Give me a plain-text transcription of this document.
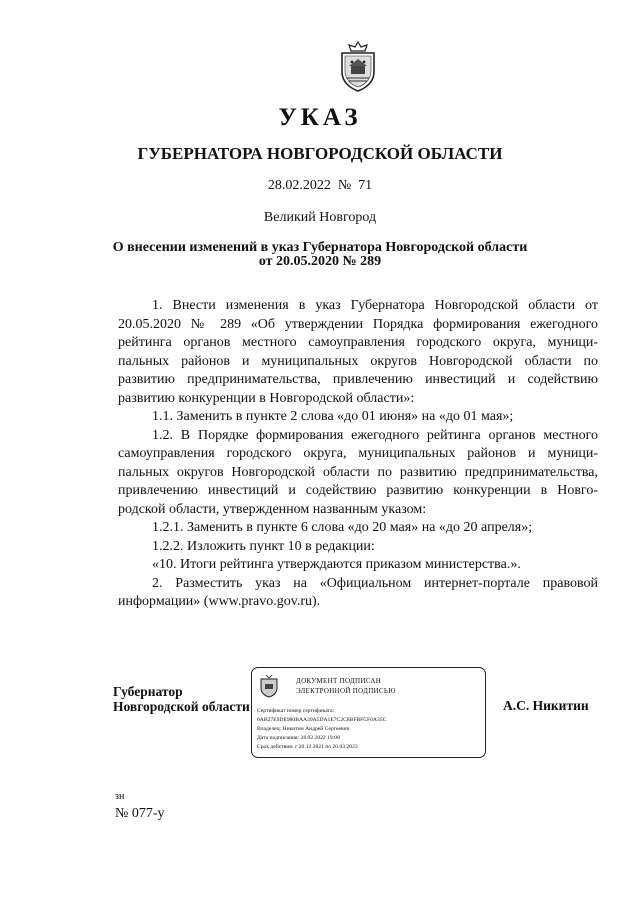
УКАЗ
ГУБЕРНАТОРА НОВГОРОДСКОЙ ОБЛАСТИ
28.02.2022 № 71
Великий Новгород
О внесении изменений в указ Губернатора Новгородской области
от 20.05.2020 № 289

1. Внести изменения в указ Губернатора Новгородской области от 20.05.2020 № 289 «Об утверждении Порядка формирования ежегодного рейтинга органов местного самоуправления городского округа, муници-пальных районов и муниципальных округов Новгородской области по развитию предпринимательства, привлечению инвестиций и содействию развитию конкуренции в Новгородской области»:

1.1. Заменить в пункте 2 слова «до 01 июня» на «до 01 мая»;

1.2. В Порядке формирования ежегодного рейтинга органов местного самоуправления городского округа, муниципальных районов и муници-пальных округов Новгородской области по развитию предпринимательства, привлечению инвестиций и содействию развитию конкуренции в Новго-родской области, утвержденном названным указом:

1.2.1. Заменить в пункте 6 слова «до 20 мая» на «до 20 апреля»;

1.2.2. Изложить пункт 10 в редакции:

«10. Итоги рейтинга утверждаются приказом министерства.».

2. Разместить указ на «Официальном интернет-портале правовой информации» (www.pravo.gov.ru).

Губернатор
Новгородской области
ДОКУМЕНТ ПОДПИСАН
ЭЛЕКТРОННОЙ ПОДПИСЬЮ
Сертификат номер сертификата:
6AB27E9DE980BAA39A5DA1E7C2C8BFBFCF0A35C
Владелец: Никитин Андрей Сергеевич
Дата подписания: 28.02.2022 19:08
Срок действия: с 20.12.2021 по 20.03.2023
А.С. Никитин
зн
№ 077-у
